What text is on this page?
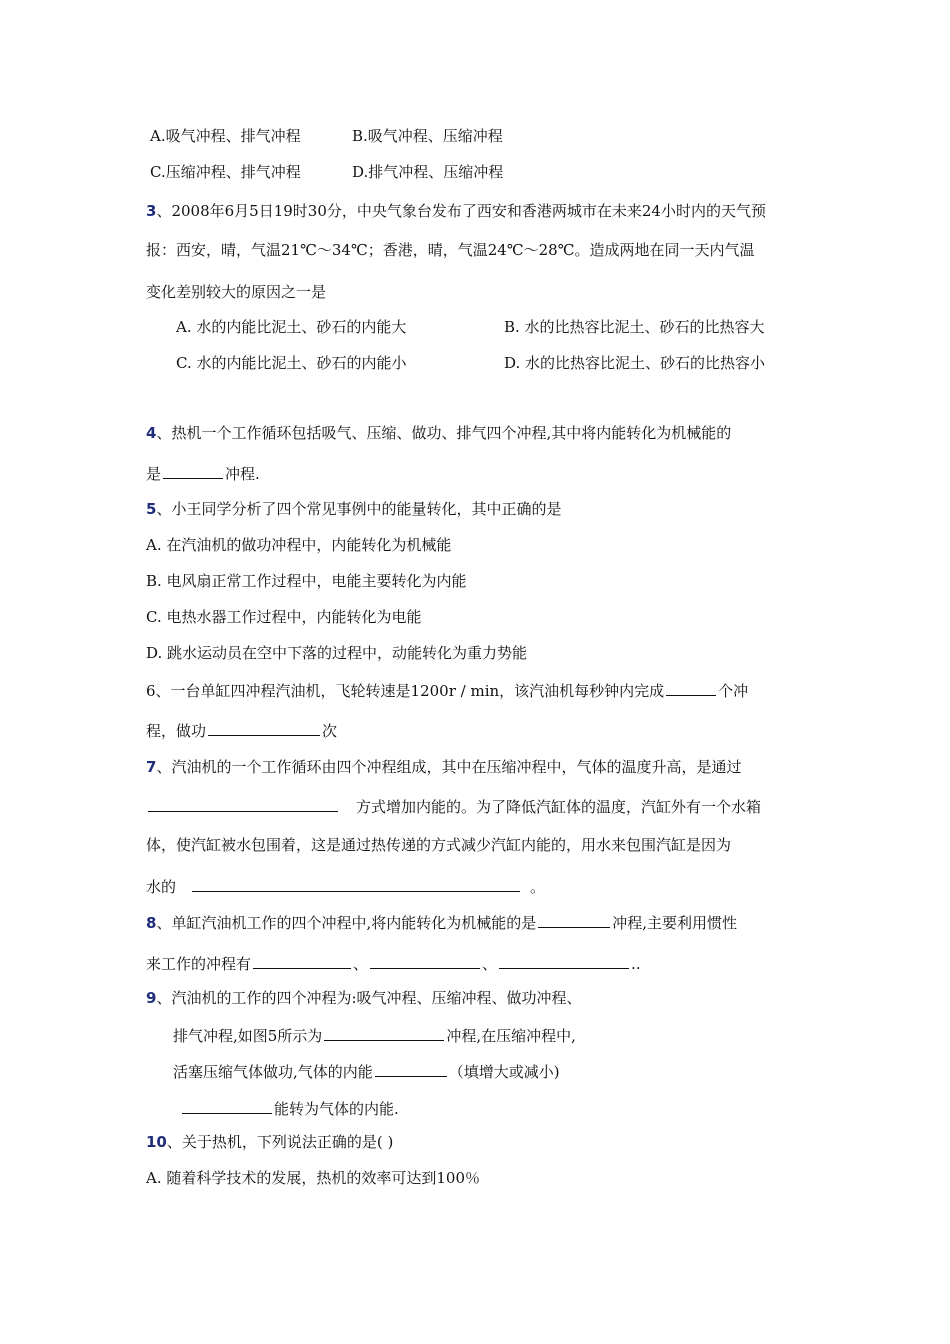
A.吸气冲程、排气冲程	B.吸气冲程、压缩冲程
C.压缩冲程、排气冲程	D.排气冲程、压缩冲程
3、2008年6月5日19时30分，中央气象台发布了西安和香港两城市在未来24小时内的天气预
报：西安，晴，气温21℃～34℃；香港，晴，气温24℃～28℃。造成两地在同一天内气温
变化差别较大的原因之一是
A. 水的内能比泥土、砂石的内能大	B. 水的比热容比泥土、砂石的比热容大
C. 水的内能比泥土、砂石的内能小	D. 水的比热容比泥土、砂石的比热容小
4、热机一个工作循环包括吸气、压缩、做功、排气四个冲程,其中将内能转化为机械能的
是	冲程.
5、小王同学分析了四个常见事例中的能量转化，其中正确的是
A. 在汽油机的做功冲程中，内能转化为机械能
B. 电风扇正常工作过程中，电能主要转化为内能
C. 电热水器工作过程中，内能转化为电能
D. 跳水运动员在空中下落的过程中，动能转化为重力势能
6、一台单缸四冲程汽油机，飞轮转速是1200r / min，该汽油机每秒钟内完成	个冲
程，做功	次
7、汽油机的一个工作循环由四个冲程组成，其中在压缩冲程中，气体的温度升高，是通过
方式增加内能的。为了降低汽缸体的温度，汽缸外有一个水箱
体，使汽缸被水包围着，这是通过热传递的方式减少汽缸内能的，用水来包围汽缸是因为
水的	。
8、单缸汽油机工作的四个冲程中,将内能转化为机械能的是	冲程,主要利用惯性
来工作的冲程有	、	、	..
9、汽油机的工作的四个冲程为:吸气冲程、压缩冲程、做功冲程、
排气冲程,如图5所示为	冲程,在压缩冲程中,
活塞压缩气体做功,气体的内能	（填增大或减小)
能转为气体的内能.
10、关于热机，下列说法正确的是( )
A. 随着科学技术的发展，热机的效率可达到100％
